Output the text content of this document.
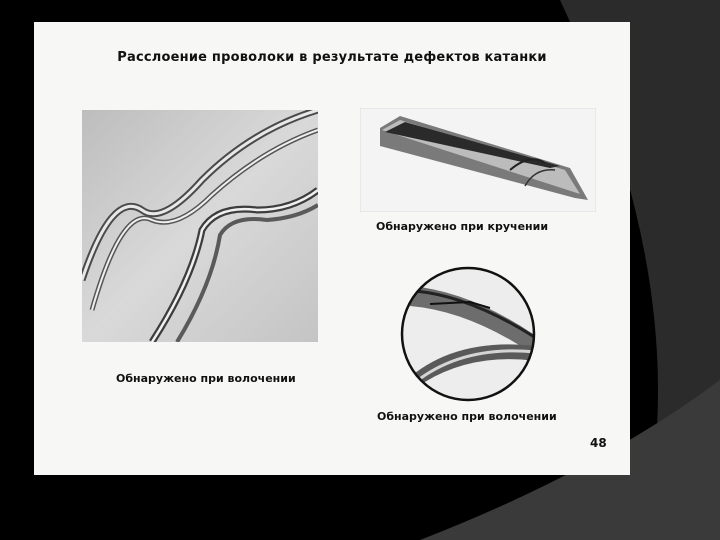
Расслоение проволоки в результате дефектов катанки
Обнаружено при волочении
Обнаружено при кручении
Обнаружено при волочении
48
